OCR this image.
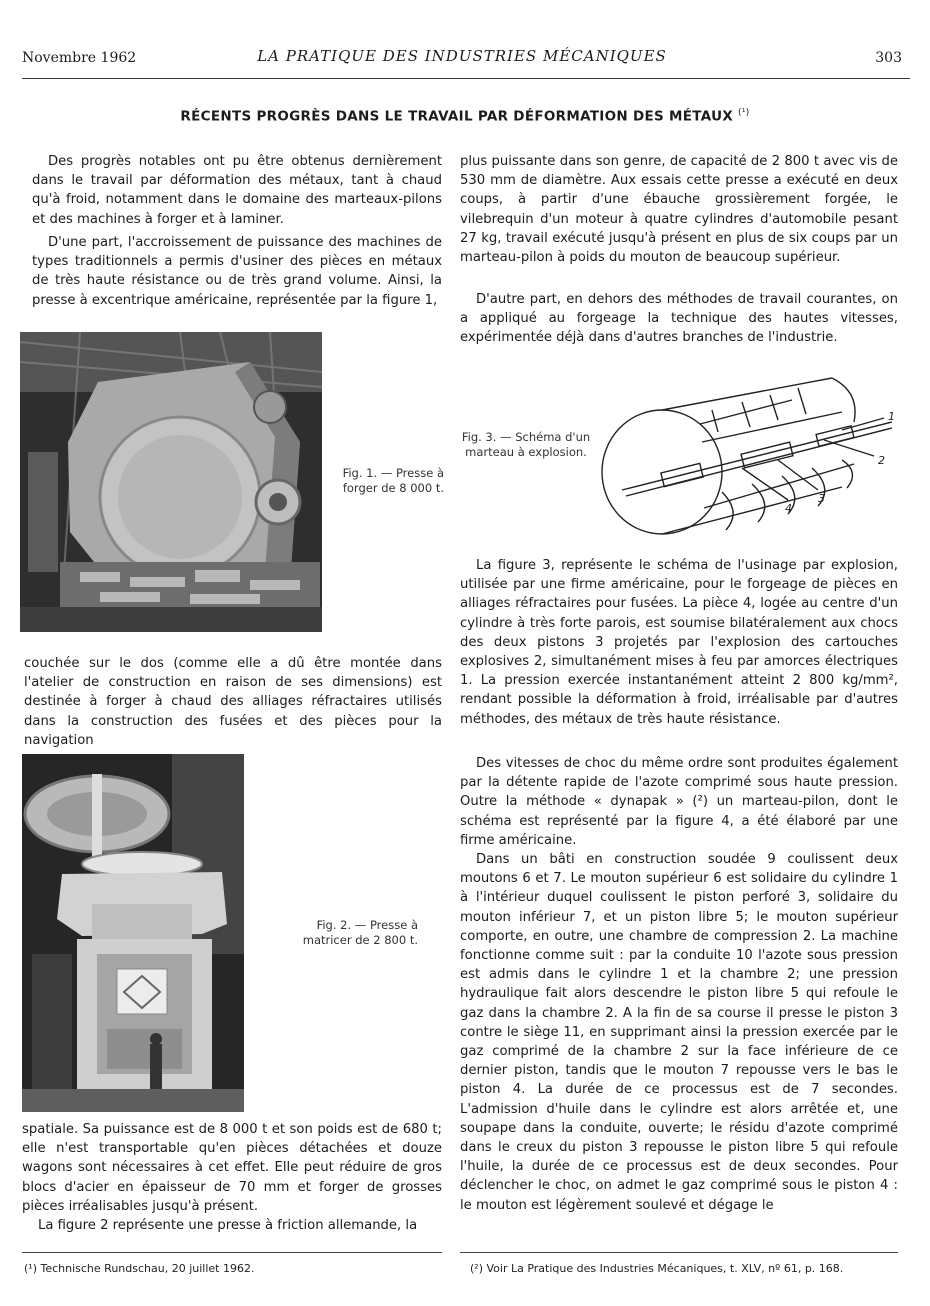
Novembre 1962	LA PRATIQUE DES INDUSTRIES MÉCANIQUES	303
RÉCENTS PROGRÈS DANS LE TRAVAIL PAR DÉFORMATION DES MÉTAUX $^{(^1)}$

Des progrès notables ont pu être obtenus dernièrement dans le travail par déformation des métaux, tant à chaud qu'à froid, notamment dans le domaine des marteaux-pilons et des machines à forger et à laminer.

D'une part, l'accroissement de puissance des machines de types traditionnels a permis d'usiner des pièces en métaux de très haute résistance ou de très grand volume. Ainsi, la presse à excentrique américaine, représentée par la figure 1,

Fig. 1. — Presse à forger de 8 000 t.

couchée sur le dos (comme elle a dû être montée dans l'atelier de construction en raison de ses dimensions) est destinée à forger à chaud des alliages réfractaires utilisés dans la construction des fusées et des pièces pour la navigation

Fig. 2. — Presse à matricer de 2 800 t.

spatiale. Sa puissance est de 8 000 t et son poids est de 680 t; elle n'est transportable qu'en pièces détachées et douze wagons sont nécessaires à cet effet. Elle peut réduire de gros blocs d'acier en épaisseur de 70 mm et forger de grosses pièces irréalisables jusqu'à présent.

La figure 2 représente une presse à friction allemande, la

plus puissante dans son genre, de capacité de 2 800 t avec vis de 530 mm de diamètre. Aux essais cette presse a exécuté en deux coups, à partir d'une ébauche grossièrement forgée, le vilebrequin d'un moteur à quatre cylindres d'automobile pesant 27 kg, travail exécuté jusqu'à présent en plus de six coups par un marteau-pilon à poids du mouton de beaucoup supérieur.

D'autre part, en dehors des méthodes de travail courantes, on a appliqué au forgeage la technique des hautes vitesses, expérimentée déjà dans d'autres branches de l'industrie.

Fig. 3. — Schéma d'un marteau à explosion.
1
2
3
4

La figure 3, représente le schéma de l'usinage par explosion, utilisée par une firme américaine, pour le forgeage de pièces en alliages réfractaires pour fusées. La pièce 4, logée au centre d'un cylindre à très forte parois, est soumise bilatéralement aux chocs des deux pistons 3 projetés par l'explosion des cartouches explosives 2, simultanément mises à feu par amorces électriques 1. La pression exercée instantanément atteint 2 800 kg/mm², rendant possible la déformation à froid, irréalisable par d'autres méthodes, des métaux de très haute résistance.

Des vitesses de choc du même ordre sont produites également par la détente rapide de l'azote comprimé sous haute pression. Outre la méthode « dynapak » (²) un marteau-pilon, dont le schéma est représenté par la figure 4, a été élaboré par une firme américaine.

Dans un bâti en construction soudée 9 coulissent deux moutons 6 et 7. Le mouton supérieur 6 est solidaire du cylindre 1 à l'intérieur duquel coulissent le piston perforé 3, solidaire du mouton inférieur 7, et un piston libre 5; le mouton supérieur comporte, en outre, une chambre de compression 2. La machine fonctionne comme suit : par la conduite 10 l'azote sous pression est admis dans le cylindre 1 et la chambre 2; une pression hydraulique fait alors descendre le piston libre 5 qui refoule le gaz dans la chambre 2. A la fin de sa course il presse le piston 3 contre le siège 11, en supprimant ainsi la pression exercée par le gaz comprimé de la chambre 2 sur la face inférieure de ce dernier piston, tandis que le mouton 7 repousse vers le bas le piston 4. La durée de ce processus est de 7 secondes. L'admission d'huile dans le cylindre est alors arrêtée et, une soupape dans la conduite, ouverte; le résidu d'azote comprimé dans le creux du piston 3 repousse le piston libre 5 qui refoule l'huile, la durée de ce processus est de deux secondes. Pour déclencher le choc, on admet le gaz comprimé sous le piston 4 : le mouton est légèrement soulevé et dégage le

(¹) Technische Rundschau, 20 juillet 1962.	(²) Voir La Pratique des Industries Mécaniques, t. XLV, nº 61, p. 168.
